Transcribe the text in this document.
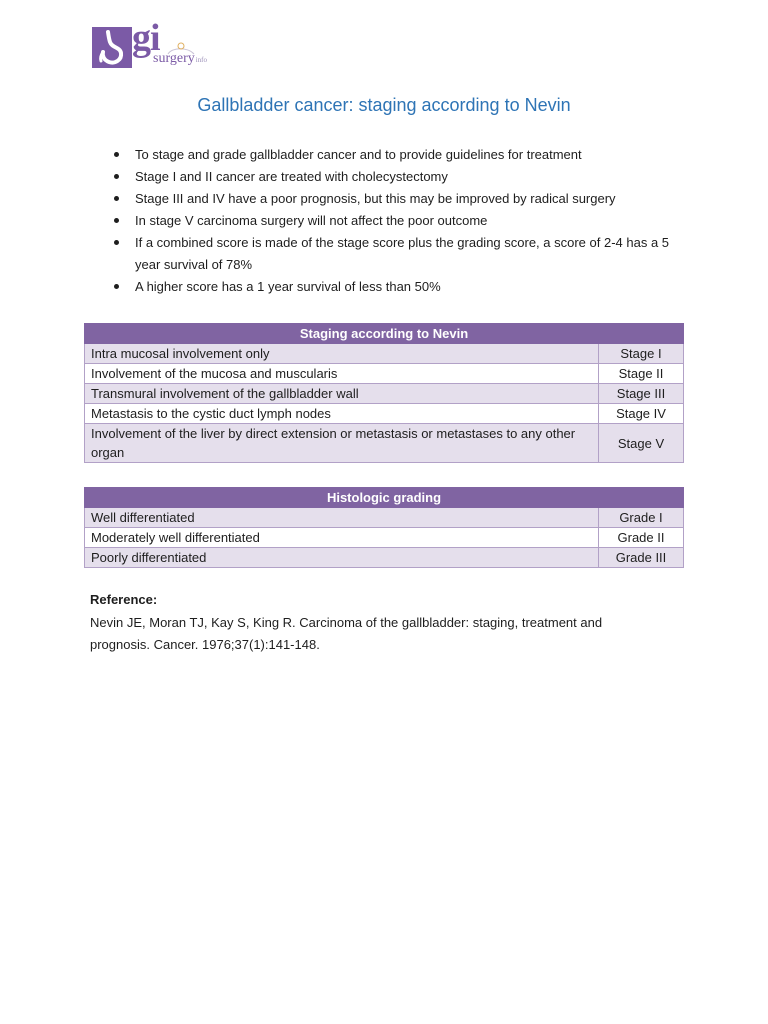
gi
surgeryinfo
Gallbladder cancer: staging according to Nevin
To stage and grade gallbladder cancer and to provide guidelines for treatment
Stage I and II cancer are treated with cholecystectomy
Stage III and IV have a poor prognosis, but this may be improved by radical surgery
In stage V carcinoma surgery will not affect the poor outcome
If a combined score is made of the stage score plus the grading score, a score of 2-4 has a 5 year survival of 78%
A higher score has a 1 year survival of less than 50%
Staging according to Nevin	
Intra mucosal involvement only	Stage I
Involvement of the mucosa and muscularis	Stage II
Transmural involvement of the gallbladder wall	Stage III
Metastasis to the cystic duct lymph nodes	Stage IV
Involvement of the liver by direct extension or metastasis or metastases to any other organ	Stage V
Histologic grading	
Well differentiated	Grade I
Moderately well differentiated	Grade II
Poorly differentiated	Grade III

Reference:

Nevin JE, Moran TJ, Kay S, King R. Carcinoma of the gallbladder: staging, treatment and prognosis. Cancer. 1976;37(1):141-148.
